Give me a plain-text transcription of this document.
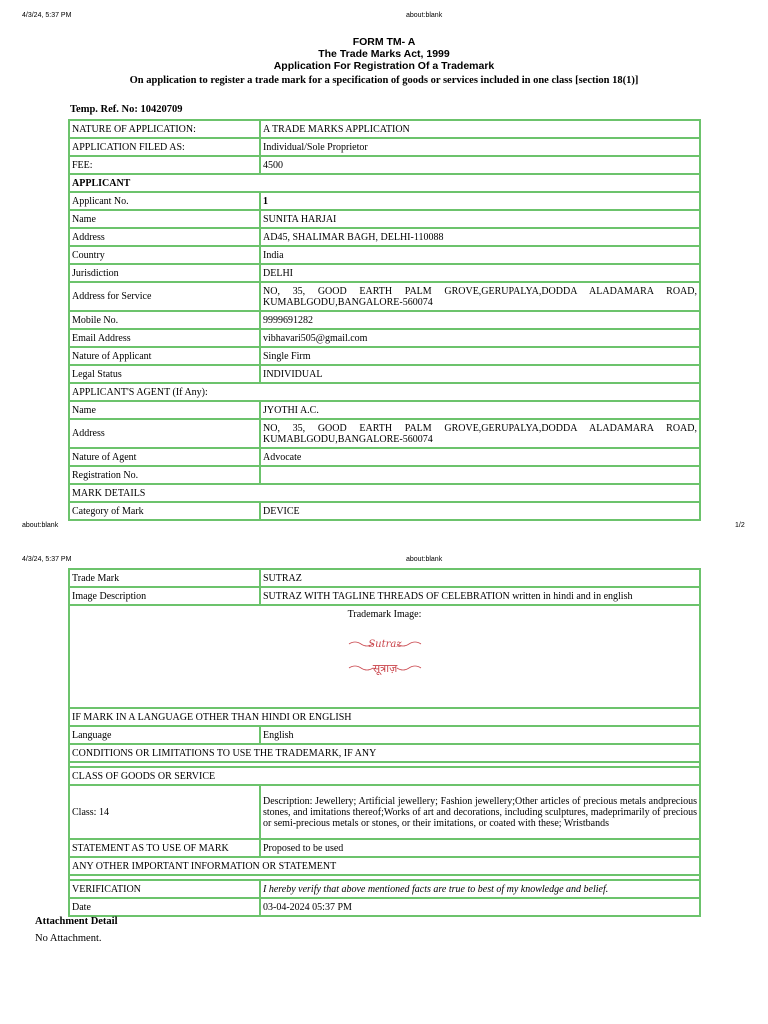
4/3/24, 5:37 PM	about:blank
FORM TM- A
The Trade Marks Act, 1999
Application For Registration Of a Trademark
On application to register a trade mark for a specification of goods or services included in one class [section 18(1)]
Temp. Ref. No: 10420709
NATURE OF APPLICATION:	A TRADE MARKS APPLICATION
APPLICATION FILED AS:	Individual/Sole Proprietor
FEE:	4500
APPLICANT	
Applicant No.	1
Name	SUNITA HARJAI
Address	AD45, SHALIMAR BAGH, DELHI-110088
Country	India
Jurisdiction	DELHI
Address for Service	NO, 35, GOOD EARTH PALM GROVE,GERUPALYA,DODDA ALADAMARA ROAD, KUMABLGODU,BANGALORE-560074
Mobile No.	9999691282
Email Address	vibhavari505@gmail.com
Nature of Applicant	Single Firm
Legal Status	INDIVIDUAL
APPLICANT'S AGENT (If Any):	
Name	JYOTHI A.C.
Address	NO, 35, GOOD EARTH PALM GROVE,GERUPALYA,DODDA ALADAMARA ROAD, KUMABLGODU,BANGALORE-560074
Nature of Agent	Advocate
Registration No.	
MARK DETAILS	
Category of Mark	DEVICE
about:blank	1/2
4/3/24, 5:37 PM	about:blank
Trade Mark	SUTRAZ
Image Description	SUTRAZ WITH TAGLINE THREADS OF CELEBRATION written in hindi and in english

Trademark Image:
Sutraz
सूत्राज़	

IF MARK IN A LANGUAGE OTHER THAN HINDI OR ENGLISH	
Language	English
CONDITIONS OR LIMITATIONS TO USE THE TRADEMARK, IF ANY	

CLASS OF GOODS OR SERVICE	
Class: 14	Description: Jewellery; Artificial jewellery; Fashion jewellery;Other articles of precious metals andprecious stones, and imitations thereof;Works of art and decorations, including sculptures, madeprimarily of precious or semi-precious metals or stones, or their imitations, or coated with these; Wristbands
STATEMENT AS TO USE OF MARK	Proposed to be used
ANY OTHER IMPORTANT INFORMATION OR STATEMENT	

VERIFICATION	I hereby verify that above mentioned facts are true to best of my knowledge and belief.
Date	03-04-2024 05:37 PM
Attachment Detail
No Attachment.
